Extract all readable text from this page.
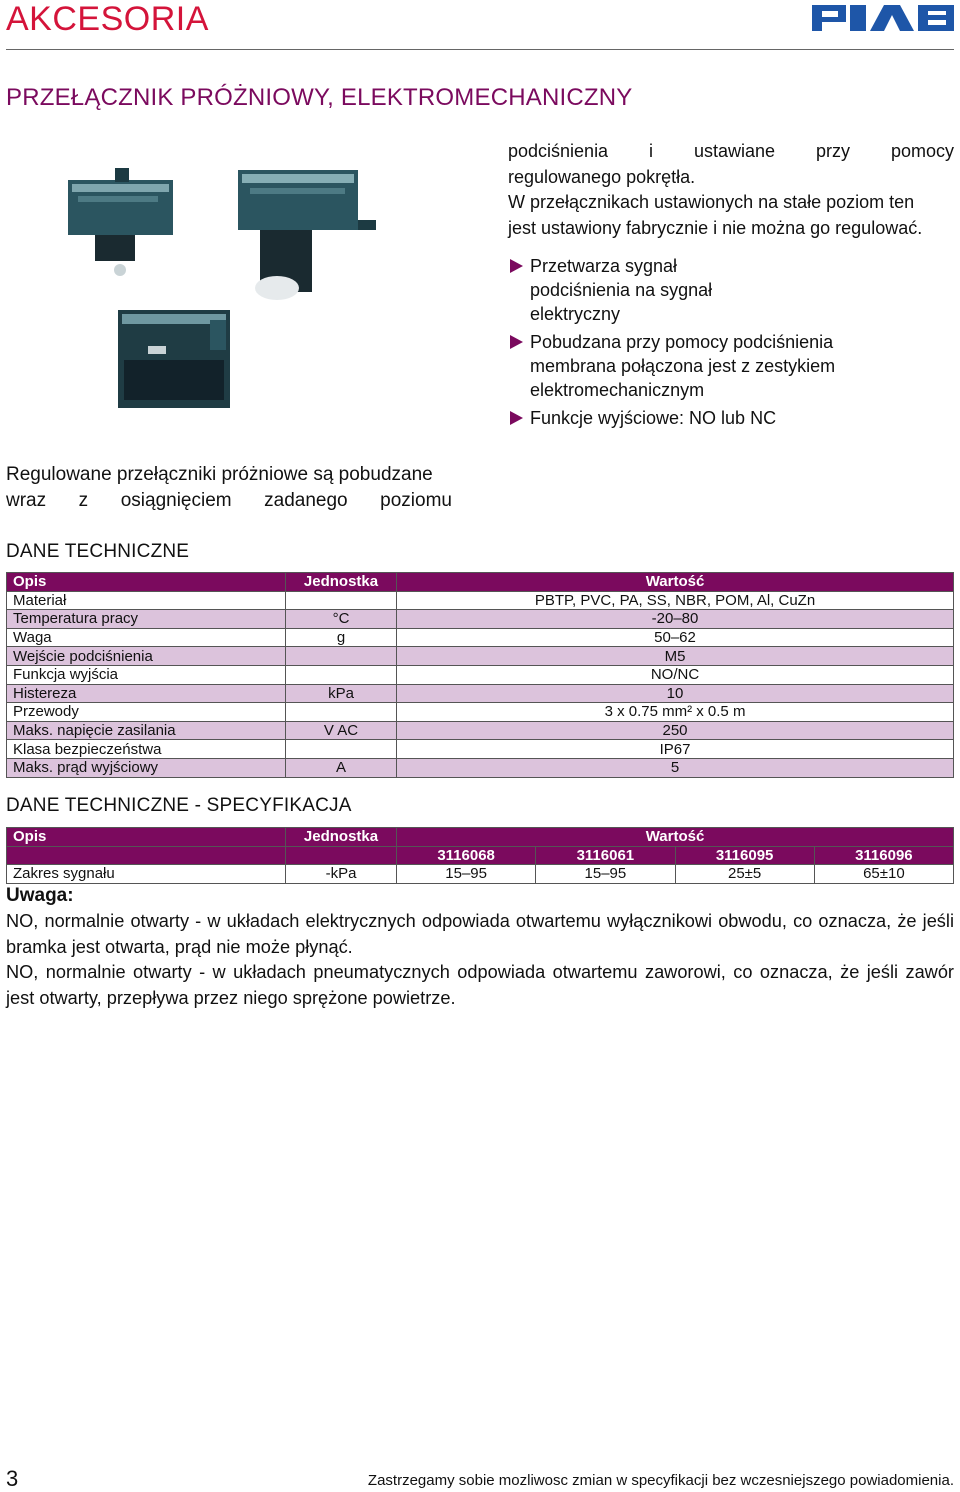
AKCESORIA
PRZEŁĄCZNIK PRÓŻNIOWY, ELEKTROMECHANICZNY
podciśnienia i ustawiane przy pomocy
regulowanego pokrętła.
W przełącznikach ustawionych na stałe poziom ten
jest ustawiony fabrycznie i nie można go regulować.
Przetwarza sygnał podciśnienia na sygnał elektryczny
Pobudzana przy pomocy podciśnienia membrana połączona jest z zestykiem elektromechanicznym
Funkcje wyjściowe: NO lub NC
Regulowane przełączniki próżniowe są pobudzane
wraz z osiągnięciem zadanego poziomu
DANE TECHNICZNE
Opis	Jednostka	Wartość
Materiał		PBTP, PVC, PA, SS, NBR, POM, Al, CuZn
Temperatura pracy	°C	-20–80
Waga	g	50–62
Wejście podciśnienia		M5
Funkcja wyjścia		NO/NC
Histereza	kPa	10
Przewody		3 x 0.75 mm² x 0.5 m
Maks. napięcie zasilania	V AC	250
Klasa bezpieczeństwa		IP67
Maks. prąd wyjściowy	A	5
DANE TECHNICZNE - SPECYFIKACJA
Opis	Jednostka	Wartość			
		3116068	3116061	3116095	3116096
Zakres sygnału	-kPa	15–95	15–95	25±5	65±10
Uwaga:

NO, normalnie otwarty - w układach elektrycznych odpowiada otwartemu wyłącznikowi obwodu, co oznacza, że jeśli bramka jest otwarta, prąd nie może płynąć.

NO, normalnie otwarty - w układach pneumatycznych odpowiada otwartemu zaworowi, co oznacza, że jeśli zawór jest otwarty, przepływa przez niego sprężone powietrze.

3	Zastrzegamy sobie mozliwosc zmian w specyfikacji bez wczesniejszego powiadomienia.
